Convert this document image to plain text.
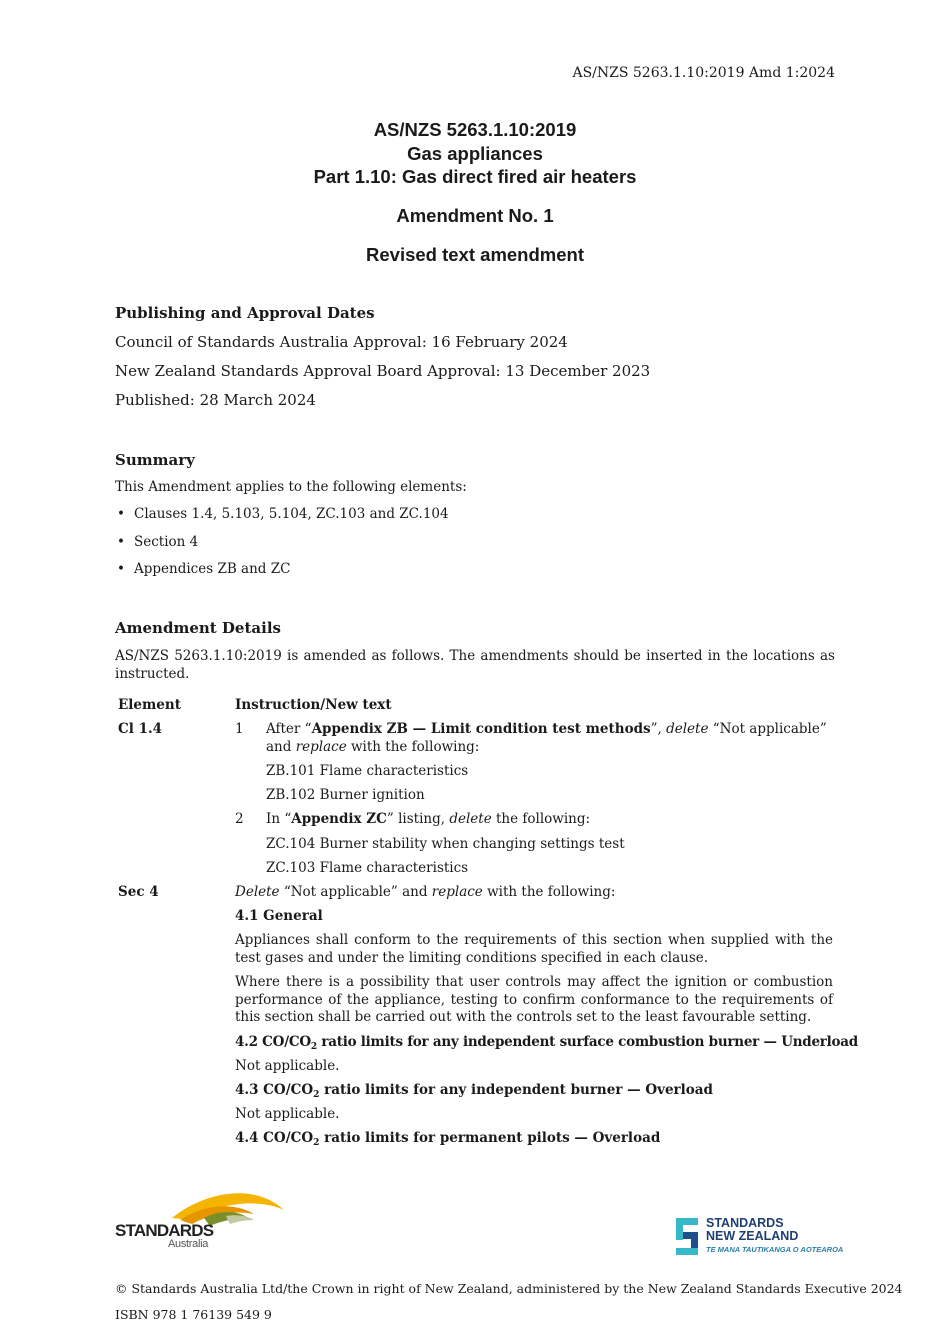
AS/NZS 5263.1.10:2019 Amd 1:2024
AS/NZS 5263.1.10:2019
Gas appliances
Part 1.10: Gas direct fired air heaters
Amendment No. 1
Revised text amendment
Publishing and Approval Dates
Council of Standards Australia Approval: 16 February 2024
New Zealand Standards Approval Board Approval: 13 December 2023
Published: 28 March 2024
Summary
This Amendment applies to the following elements:
• Clauses 1.4, 5.103, 5.104, ZC.103 and ZC.104
• Section 4
• Appendices ZB and ZC
Amendment Details
AS/NZS 5263.1.10:2019 is amended as follows. The amendments should be inserted in the locations as instructed.
Element	Instruction/New text
Cl 1.4	1 After “Appendix ZB — Limit condition test methods”, delete “Not applicable” and replace with the following:
ZB.101 Flame characteristics
ZB.102 Burner ignition
2 In “Appendix ZC” listing, delete the following:
ZC.104 Burner stability when changing settings test
ZC.103 Flame characteristics
Sec 4	Delete “Not applicable” and replace with the following:
4.1 General
Appliances shall conform to the requirements of this section when supplied with the test gases and under the limiting conditions specified in each clause.
Where there is a possibility that user controls may affect the ignition or combustion performance of the appliance, testing to confirm conformance to the requirements of this section shall be carried out with the controls set to the least favourable setting.
4.2 $CO/CO_2$ ratio limits for any independent surface combustion burner — Underload
Not applicable.
4.3 $CO/CO_2$ ratio limits for any independent burner — Overload
Not applicable.
4.4 $CO/CO_2$ ratio limits for permanent pilots — Overload
STANDARDS
Australia
STANDARDS
NEW ZEALAND
TE MANA TAUTIKANGA O AOTEAROA
© Standards Australia Ltd/the Crown in right of New Zealand, administered by the New Zealand Standards Executive 2024
ISBN 978 1 76139 549 9
